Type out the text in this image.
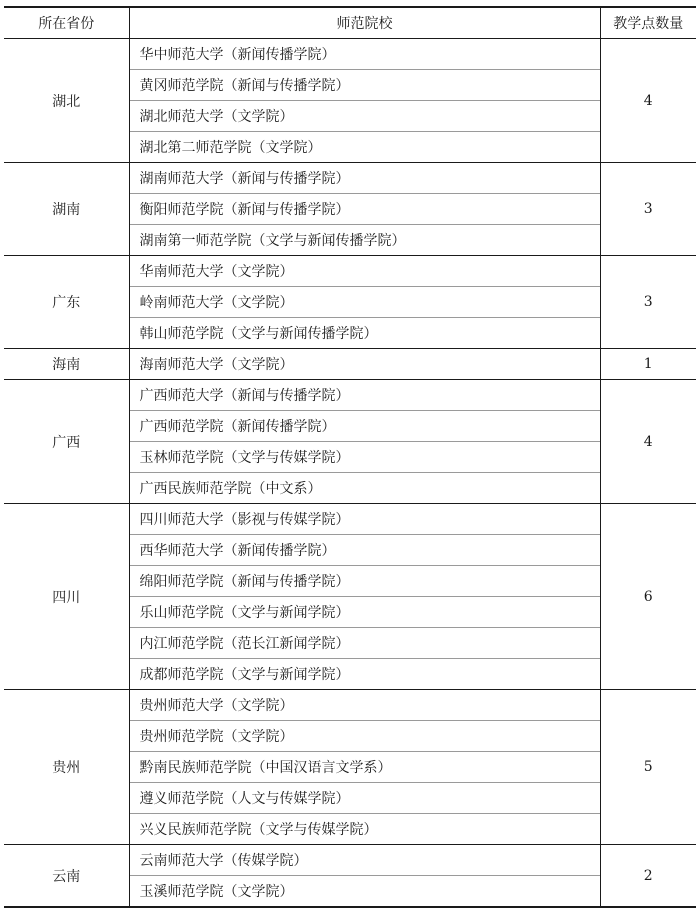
所在省份	师范院校	教学点数量
湖北	华中师范大学（新闻传播学院）	4
	黄冈师范学院（新闻与传播学院）	
	湖北师范大学（文学院）	
	湖北第二师范学院（文学院）	
湖南	湖南师范大学（新闻与传播学院）	3
	衡阳师范学院（新闻与传播学院）	
	湖南第一师范学院（文学与新闻传播学院）	
广东	华南师范大学（文学院）	3
	岭南师范大学（文学院）	
	韩山师范学院（文学与新闻传播学院）	
海南	海南师范大学（文学院）	1
广西	广西师范大学（新闻与传播学院）	4
	广西师范学院（新闻传播学院）	
	玉林师范学院（文学与传媒学院）	
	广西民族师范学院（中文系）	
四川	四川师范大学（影视与传媒学院）	6
	西华师范大学（新闻传播学院）	
	绵阳师范学院（新闻与传播学院）	
	乐山师范学院（文学与新闻学院）	
	内江师范学院（范长江新闻学院）	
	成都师范学院（文学与新闻学院）	
贵州	贵州师范大学（文学院）	5
	贵州师范学院（文学院）	
	黔南民族师范学院（中国汉语言文学系）	
	遵义师范学院（人文与传媒学院）	
	兴义民族师范学院（文学与传媒学院）	
云南	云南师范大学（传媒学院）	2
	玉溪师范学院（文学院）	
